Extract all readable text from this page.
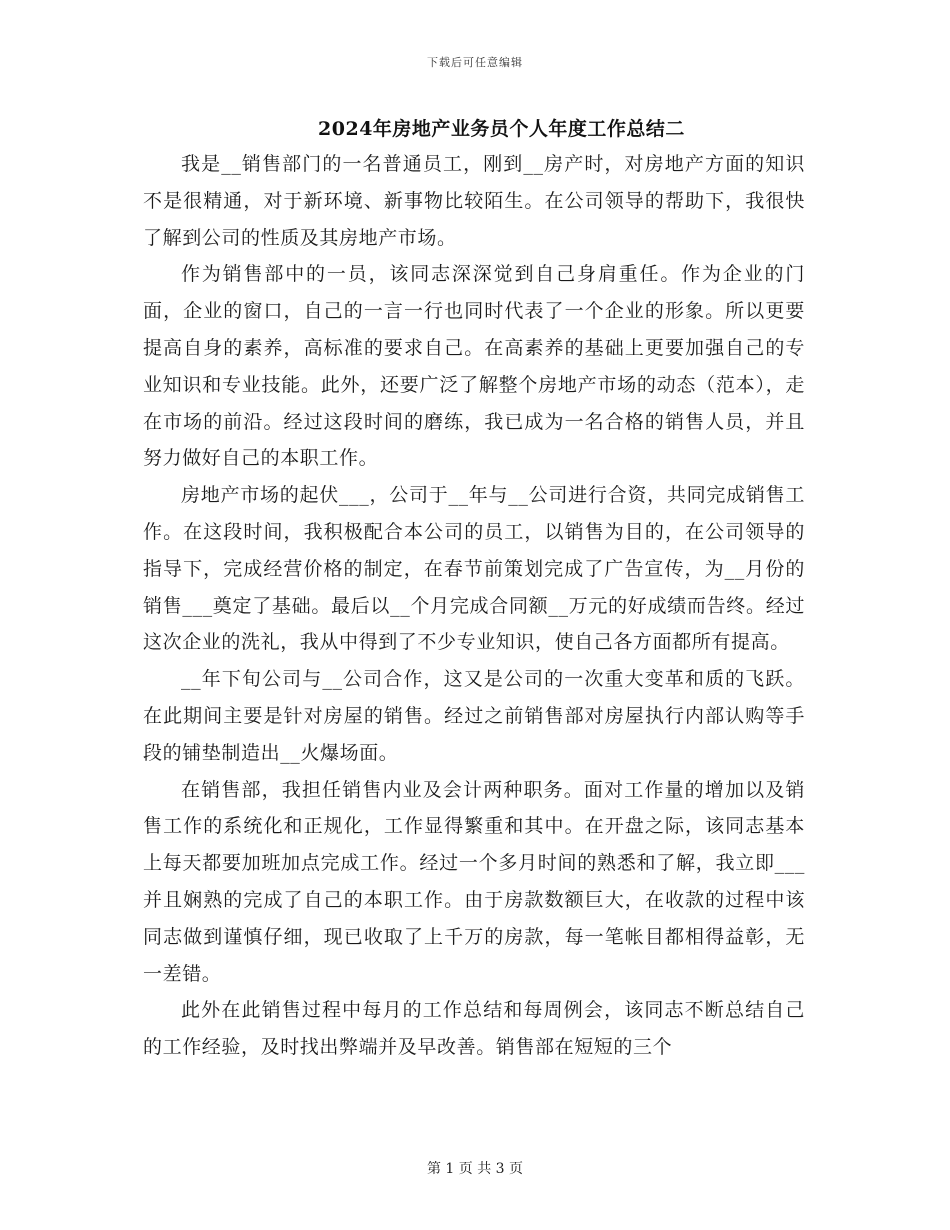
下载后可任意编辑
2024年房地产业务员个人年度工作总结二

我是__销售部门的一名普通员工，刚到__房产时，对房地产方面的知识不是很精通，对于新环境、新事物比较陌生。在公司领导的帮助下，我很快了解到公司的性质及其房地产市场。

作为销售部中的一员，该同志深深觉到自己身肩重任。作为企业的门面，企业的窗口，自己的一言一行也同时代表了一个企业的形象。所以更要提高自身的素养，高标准的要求自己。在高素养的基础上更要加强自己的专业知识和专业技能。此外，还要广泛了解整个房地产市场的动态（范本），走在市场的前沿。经过这段时间的磨练，我已成为一名合格的销售人员，并且努力做好自己的本职工作。

房地产市场的起伏___，公司于__年与__公司进行合资，共同完成销售工作。在这段时间，我积极配合本公司的员工，以销售为目的，在公司领导的指导下，完成经营价格的制定，在春节前策划完成了广告宣传，为__月份的销售___奠定了基础。最后以__个月完成合同额__万元的好成绩而告终。经过这次企业的洗礼，我从中得到了不少专业知识，使自己各方面都所有提高。

__年下旬公司与__公司合作，这又是公司的一次重大变革和质的飞跃。在此期间主要是针对房屋的销售。经过之前销售部对房屋执行内部认购等手段的铺垫制造出__火爆场面。

在销售部，我担任销售内业及会计两种职务。面对工作量的增加以及销售工作的系统化和正规化，工作显得繁重和其中。在开盘之际，该同志基本上每天都要加班加点完成工作。经过一个多月时间的熟悉和了解，我立即___并且娴熟的完成了自己的本职工作。由于房款数额巨大，在收款的过程中该同志做到谨慎仔细，现已收取了上千万的房款，每一笔帐目都相得益彰，无一差错。

此外在此销售过程中每月的工作总结和每周例会，该同志不断总结自己的工作经验，及时找出弊端并及早改善。销售部在短短的三个

第 1 页 共 3 页
